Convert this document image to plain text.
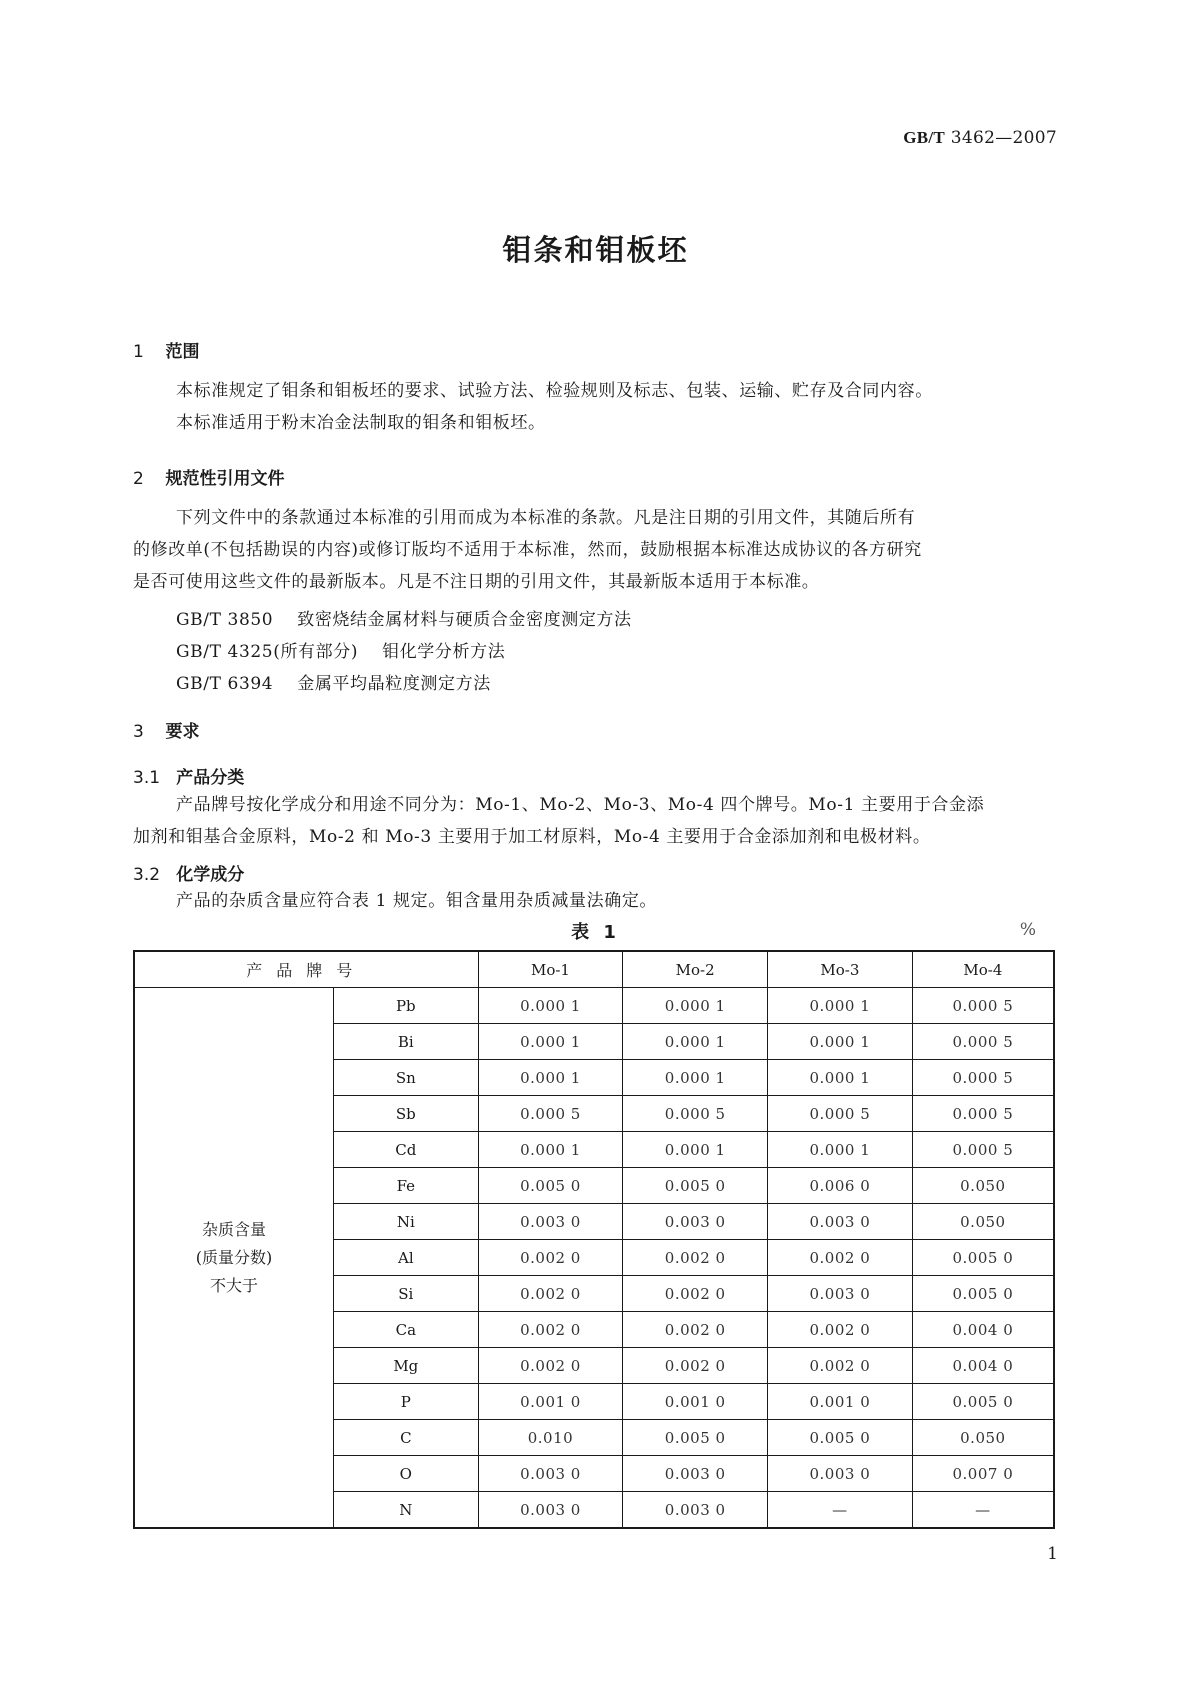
GB/T 3462—2007
钼条和钼板坯
1 范围
本标准规定了钼条和钼板坯的要求、试验方法、检验规则及标志、包装、运输、贮存及合同内容。
本标准适用于粉末冶金法制取的钼条和钼板坯。
2 规范性引用文件
下列文件中的条款通过本标准的引用而成为本标准的条款。凡是注日期的引用文件，其随后所有
的修改单(不包括勘误的内容)或修订版均不适用于本标准，然而，鼓励根据本标准达成协议的各方研究
是否可使用这些文件的最新版本。凡是不注日期的引用文件，其最新版本适用于本标准。
GB/T 3850 致密烧结金属材料与硬质合金密度测定方法
GB/T 4325(所有部分) 钼化学分析方法
GB/T 6394 金属平均晶粒度测定方法
3 要求
3.1 产品分类
产品牌号按化学成分和用途不同分为：Mo-1、Mo-2、Mo-3、Mo-4 四个牌号。Mo-1 主要用于合金添
加剂和钼基合金原料，Mo-2 和 Mo-3 主要用于加工材原料，Mo-4 主要用于合金添加剂和电极材料。
3.2 化学成分
产品的杂质含量应符合表 1 规定。钼含量用杂质减量法确定。
表 1	%
产品牌号		Mo-1	Mo-2	Mo-3	Mo-4

杂质含量
(质量分数)
不大于	Pb	0.000 1	0.000 1	0.000 1	0.000 5
	Bi	0.000 1	0.000 1	0.000 1	0.000 5
	Sn	0.000 1	0.000 1	0.000 1	0.000 5
	Sb	0.000 5	0.000 5	0.000 5	0.000 5
	Cd	0.000 1	0.000 1	0.000 1	0.000 5
	Fe	0.005 0	0.005 0	0.006 0	0.050
	Ni	0.003 0	0.003 0	0.003 0	0.050
	Al	0.002 0	0.002 0	0.002 0	0.005 0
	Si	0.002 0	0.002 0	0.003 0	0.005 0
	Ca	0.002 0	0.002 0	0.002 0	0.004 0
	Mg	0.002 0	0.002 0	0.002 0	0.004 0
	P	0.001 0	0.001 0	0.001 0	0.005 0
	C	0.010	0.005 0	0.005 0	0.050
	O	0.003 0	0.003 0	0.003 0	0.007 0
	N	0.003 0	0.003 0	—	—
1
